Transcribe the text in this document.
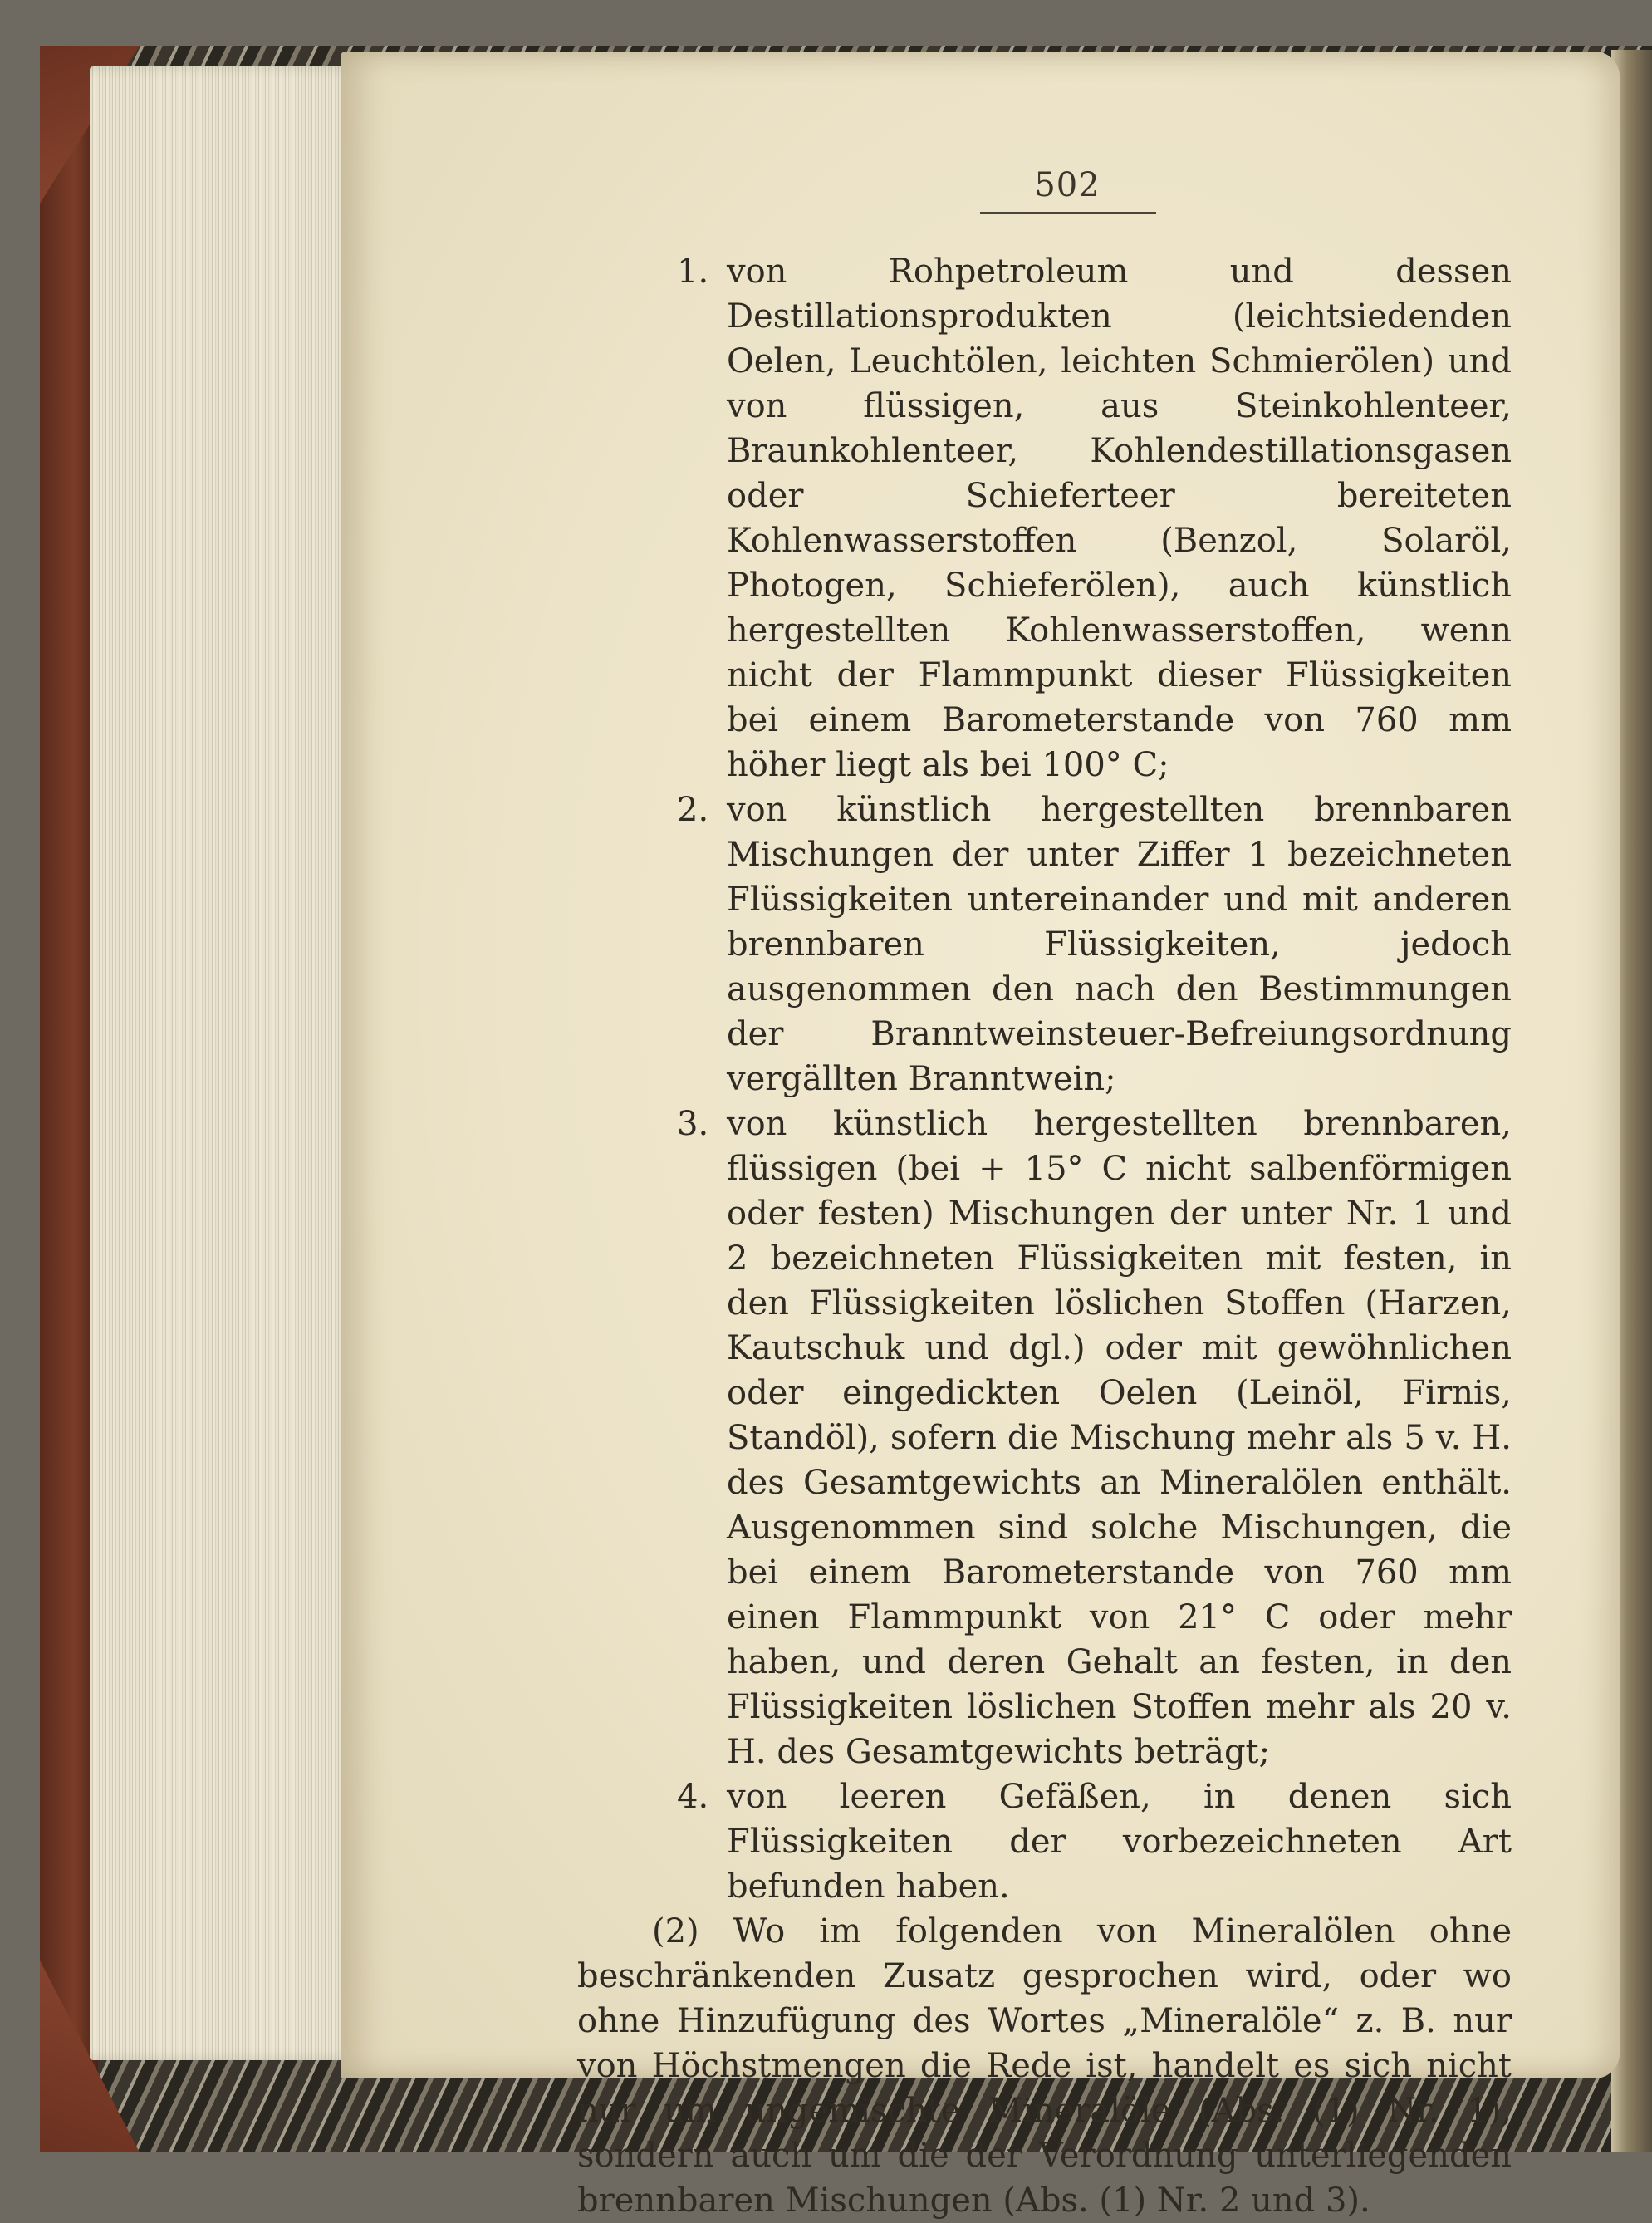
502
1. von Rohpetroleum und dessen Destillationsprodukten (leichtsiedenden Oelen, Leuchtölen, leichten Schmierölen) und von flüssigen, aus Steinkohlenteer, Braunkohlenteer, Kohlendestillationsgasen oder Schieferteer bereiteten Kohlenwasserstoffen (Benzol, Solaröl, Photogen, Schieferölen), auch künstlich hergestellten Kohlenwasserstoffen, wenn nicht der Flammpunkt dieser Flüssigkeiten bei einem Barometerstande von 760 mm höher liegt als bei 100° C;
2. von künstlich hergestellten brennbaren Mischungen der unter Ziffer 1 bezeichneten Flüssigkeiten untereinander und mit anderen brennbaren Flüssigkeiten, jedoch ausgenommen den nach den Bestimmungen der Branntweinsteuer-Befreiungsordnung vergällten Branntwein;
3. von künstlich hergestellten brennbaren, flüssigen (bei + 15° C nicht salbenförmigen oder festen) Mischungen der unter Nr. 1 und 2 bezeichneten Flüssigkeiten mit festen, in den Flüssigkeiten löslichen Stoffen (Harzen, Kautschuk und dgl.) oder mit gewöhnlichen oder eingedickten Oelen (Leinöl, Firnis, Standöl), sofern die Mischung mehr als 5 v. H. des Gesamtgewichts an Mineralölen enthält. Ausgenommen sind solche Mischungen, die bei einem Barometerstande von 760 mm einen Flammpunkt von 21° C oder mehr haben, und deren Gehalt an festen, in den Flüssigkeiten löslichen Stoffen mehr als 20 v. H. des Gesamtgewichts beträgt;
4. von leeren Gefäßen, in denen sich Flüssigkeiten der vorbezeichneten Art befunden haben.
(2) Wo im folgenden von Mineralölen ohne beschränkenden Zusatz gesprochen wird, oder wo ohne Hinzufügung des Wortes „Mineralöle“ z. B. nur von Höchstmengen die Rede ist, handelt es sich nicht nur um ungemischte Mineralöle (Abs. (1) Nr. 1), sondern auch um die der Verordnung unterliegenden brennbaren Mischungen (Abs. (1) Nr. 2 und 3).
